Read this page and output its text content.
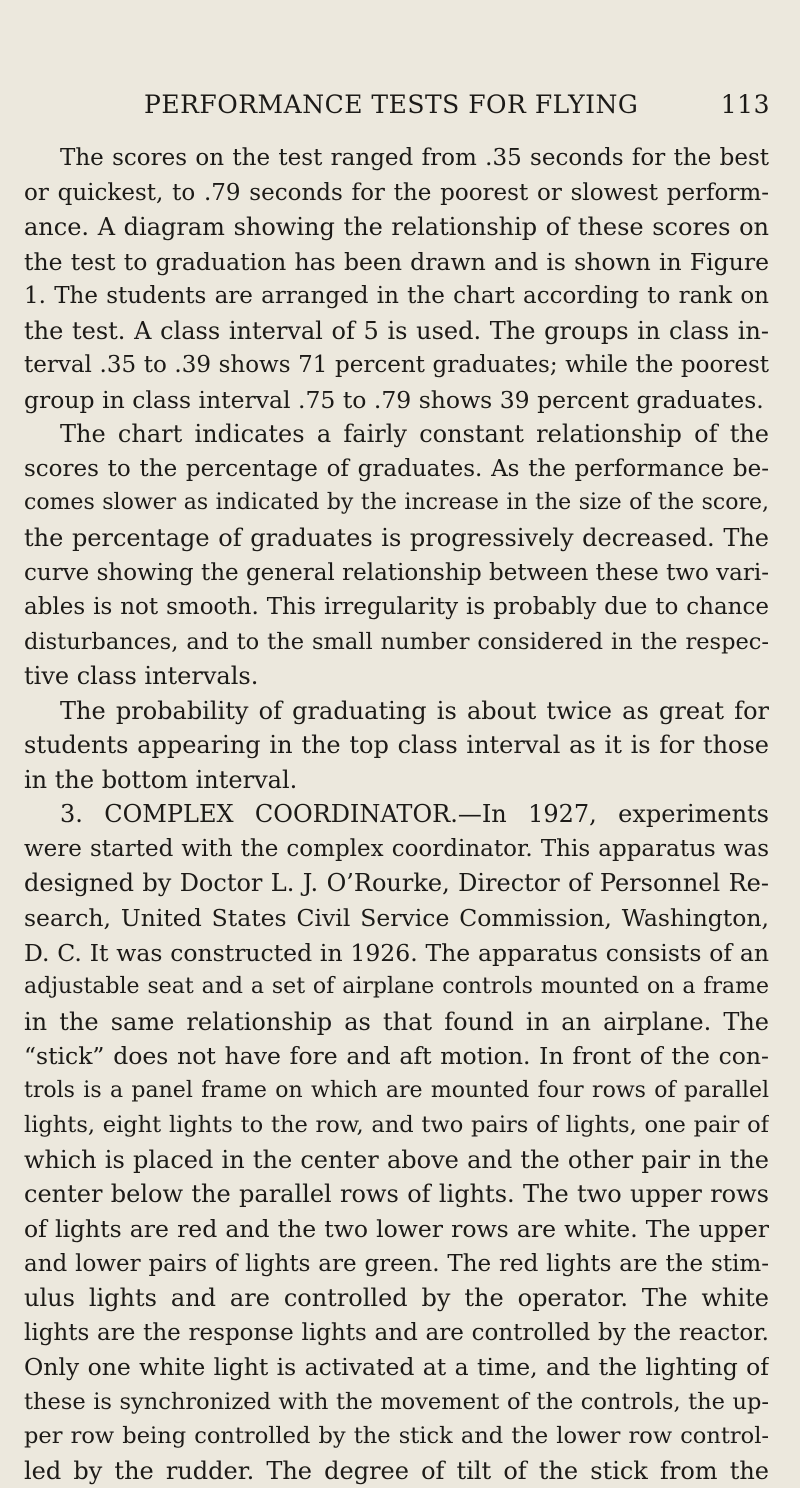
PERFORMANCE TESTS FOR FLYING	113
The scores on the test ranged from .35 seconds for the best
or quickest, to .79 seconds for the poorest or slowest perform-
ance. A diagram showing the relationship of these scores on
the test to graduation has been drawn and is shown in Figure
1. The students are arranged in the chart according to rank on
the test. A class interval of 5 is used. The groups in class in-
terval .35 to .39 shows 71 percent graduates; while the poorest
group in class interval .75 to .79 shows 39 percent graduates.
The chart indicates a fairly constant relationship of the
scores to the percentage of graduates. As the performance be-
comes slower as indicated by the increase in the size of the score,
the percentage of graduates is progressively decreased. The
curve showing the general relationship between these two vari-
ables is not smooth. This irregularity is probably due to chance
disturbances, and to the small number considered in the respec-
tive class intervals.
The probability of graduating is about twice as great for
students appearing in the top class interval as it is for those
in the bottom interval.
3. COMPLEX COORDINATOR.—In 1927, experiments
were started with the complex coordinator. This apparatus was
designed by Doctor L. J. O’Rourke, Director of Personnel Re-
search, United States Civil Service Commission, Washington,
D. C. It was constructed in 1926. The apparatus consists of an
adjustable seat and a set of airplane controls mounted on a frame
in the same relationship as that found in an airplane. The
“stick” does not have fore and aft motion. In front of the con-
trols is a panel frame on which are mounted four rows of parallel
lights, eight lights to the row, and two pairs of lights, one pair of
which is placed in the center above and the other pair in the
center below the parallel rows of lights. The two upper rows
of lights are red and the two lower rows are white. The upper
and lower pairs of lights are green. The red lights are the stim-
ulus lights and are controlled by the operator. The white
lights are the response lights and are controlled by the reactor.
Only one white light is activated at a time, and the lighting of
these is synchronized with the movement of the controls, the up-
per row being controlled by the stick and the lower row control-
led by the rudder. The degree of tilt of the stick from the
